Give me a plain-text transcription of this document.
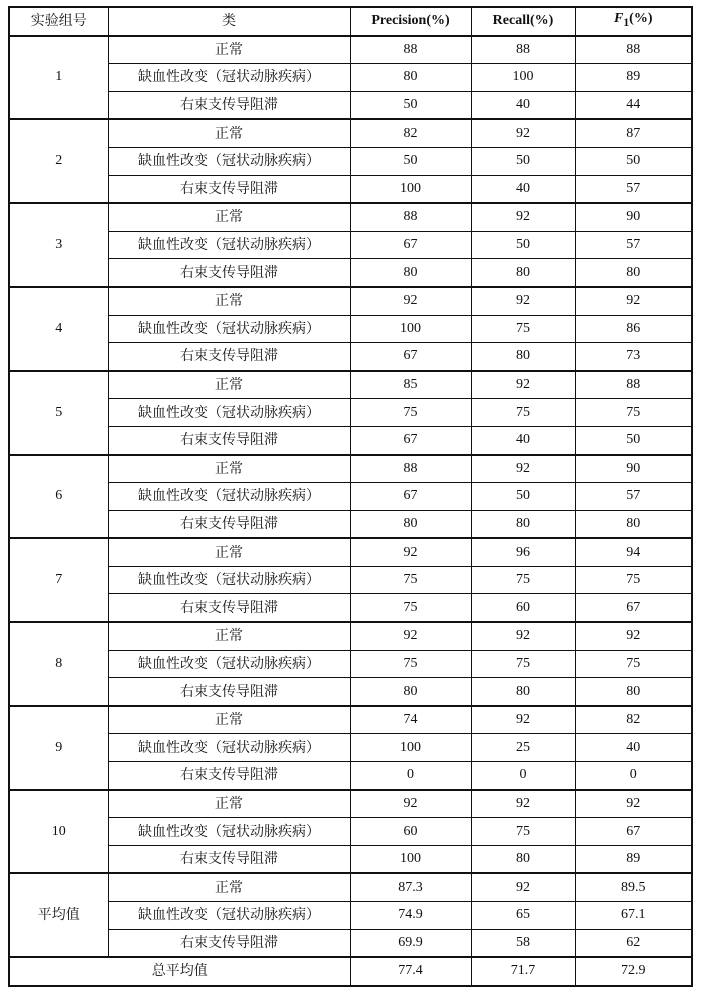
实验组号	类	Precision(%)	Recall(%)	$F_1(\%)$
1	正常	88	88	88
	缺血性改变（冠状动脉疾病）	80	100	89
	右束支传导阻滞	50	40	44
2	正常	82	92	87
	缺血性改变（冠状动脉疾病）	50	50	50
	右束支传导阻滞	100	40	57
3	正常	88	92	90
	缺血性改变（冠状动脉疾病）	67	50	57
	右束支传导阻滞	80	80	80
4	正常	92	92	92
	缺血性改变（冠状动脉疾病）	100	75	86
	右束支传导阻滞	67	80	73
5	正常	85	92	88
	缺血性改变（冠状动脉疾病）	75	75	75
	右束支传导阻滞	67	40	50
6	正常	88	92	90
	缺血性改变（冠状动脉疾病）	67	50	57
	右束支传导阻滞	80	80	80
7	正常	92	96	94
	缺血性改变（冠状动脉疾病）	75	75	75
	右束支传导阻滞	75	60	67
8	正常	92	92	92
	缺血性改变（冠状动脉疾病）	75	75	75
	右束支传导阻滞	80	80	80
9	正常	74	92	82
	缺血性改变（冠状动脉疾病）	100	25	40
	右束支传导阻滞	0	0	0
10	正常	92	92	92
	缺血性改变（冠状动脉疾病）	60	75	67
	右束支传导阻滞	100	80	89
平均值	正常	87.3	92	89.5
	缺血性改变（冠状动脉疾病）	74.9	65	67.1
	右束支传导阻滞	69.9	58	62
总平均值		77.4	71.7	72.9
